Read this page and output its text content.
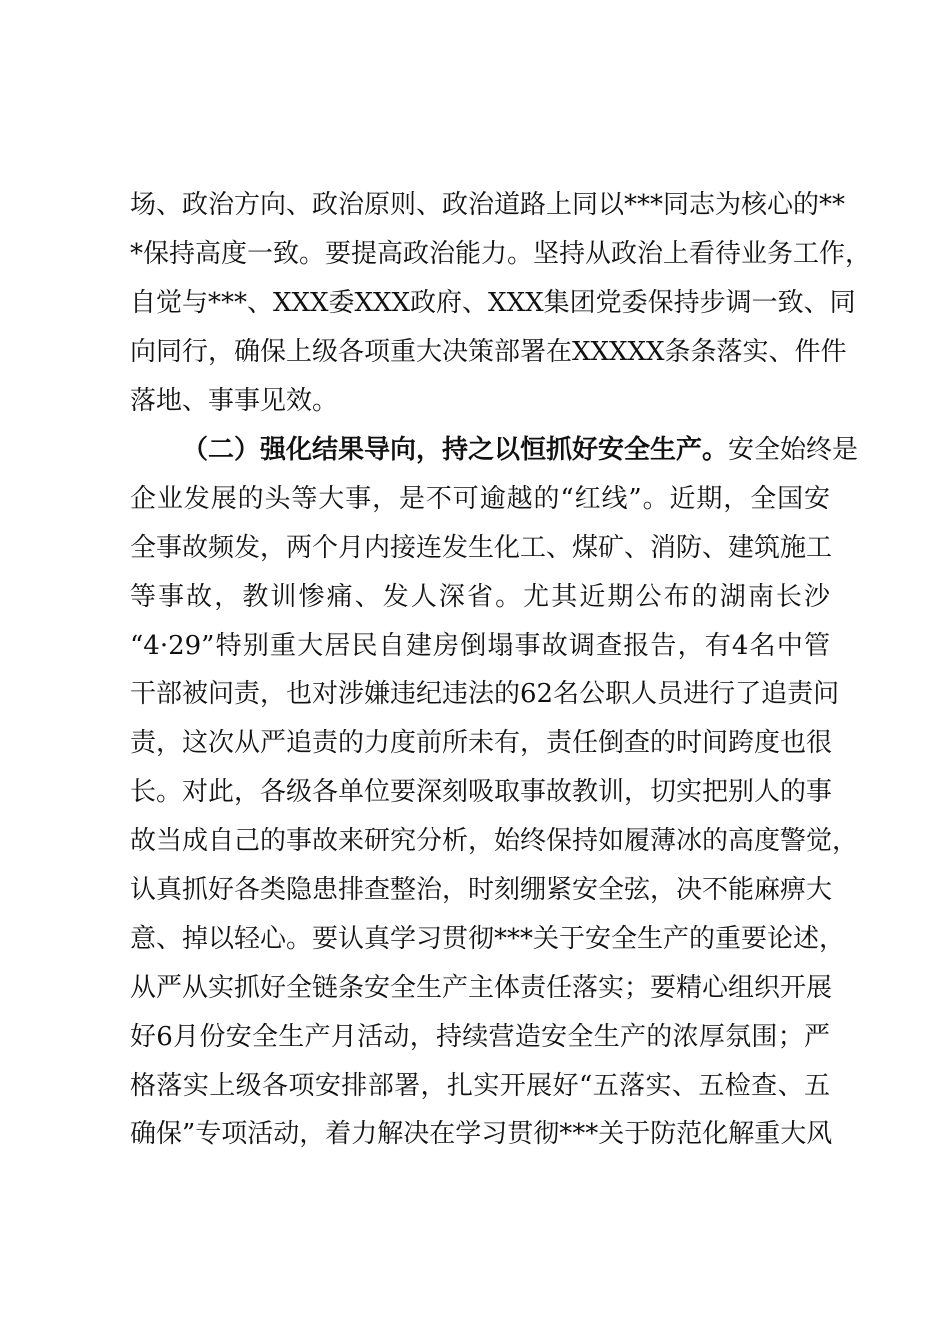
场、政治方向、政治原则、政治道路上同以***同志为核心的**
*保持高度一致。要提高政治能力。坚持从政治上看待业务工作，
自觉与***、XXX委XXX政府、XXX集团党委保持步调一致、同
向同行，确保上级各项重大决策部署在XXXXX条条落实、件件
落地、事事见效。
（二）强化结果导向，持之以恒抓好安全生产。安全始终是
企业发展的头等大事，是不可逾越的“红线”。近期，全国安
全事故频发，两个月内接连发生化工、煤矿、消防、建筑施工
等事故，教训惨痛、发人深省。尤其近期公布的湖南长沙
“4·29”特别重大居民自建房倒塌事故调查报告，有4名中管
干部被问责，也对涉嫌违纪违法的62名公职人员进行了追责问
责，这次从严追责的力度前所未有，责任倒查的时间跨度也很
长。对此，各级各单位要深刻吸取事故教训，切实把别人的事
故当成自己的事故来研究分析，始终保持如履薄冰的高度警觉，
认真抓好各类隐患排查整治，时刻绷紧安全弦，决不能麻痹大
意、掉以轻心。要认真学习贯彻***关于安全生产的重要论述，
从严从实抓好全链条安全生产主体责任落实；要精心组织开展
好6月份安全生产月活动，持续营造安全生产的浓厚氛围；严
格落实上级各项安排部署，扎实开展好“五落实、五检查、五
确保”专项活动，着力解决在学习贯彻***关于防范化解重大风
